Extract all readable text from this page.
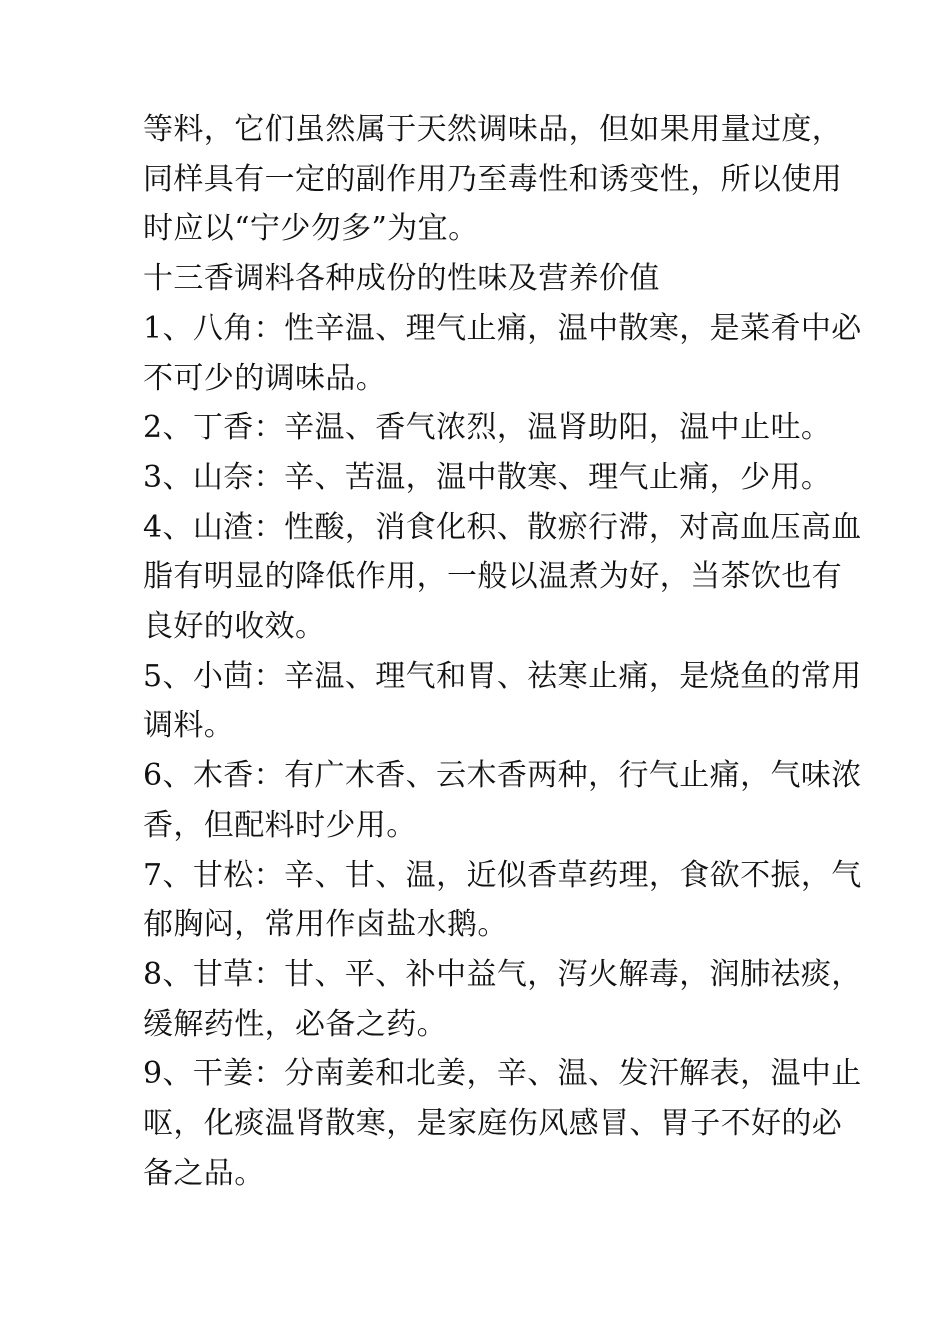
等料，它们虽然属于天然调味品，但如果用量过度，

同样具有一定的副作用乃至毒性和诱变性，所以使用

时应以“宁少勿多”为宜。

十三香调料各种成份的性味及营养价值

1、八角：性辛温、理气止痛，温中散寒，是菜肴中必

不可少的调味品。

2、丁香：辛温、香气浓烈，温肾助阳，温中止吐。

3、山奈：辛、苦温，温中散寒、理气止痛，少用。

4、山渣：性酸，消食化积、散瘀行滞，对高血压高血

脂有明显的降低作用，一般以温煮为好，当茶饮也有

良好的收效。

5、小茴：辛温、理气和胃、祛寒止痛，是烧鱼的常用

调料。

6、木香：有广木香、云木香两种，行气止痛，气味浓

香，但配料时少用。

7、甘松：辛、甘、温，近似香草药理，食欲不振，气

郁胸闷，常用作卤盐水鹅。

8、甘草：甘、平、补中益气，泻火解毒，润肺祛痰，

缓解药性，必备之药。

9、干姜：分南姜和北姜，辛、温、发汗解表，温中止

呕，化痰温肾散寒，是家庭伤风感冒、胃子不好的必

备之品。
